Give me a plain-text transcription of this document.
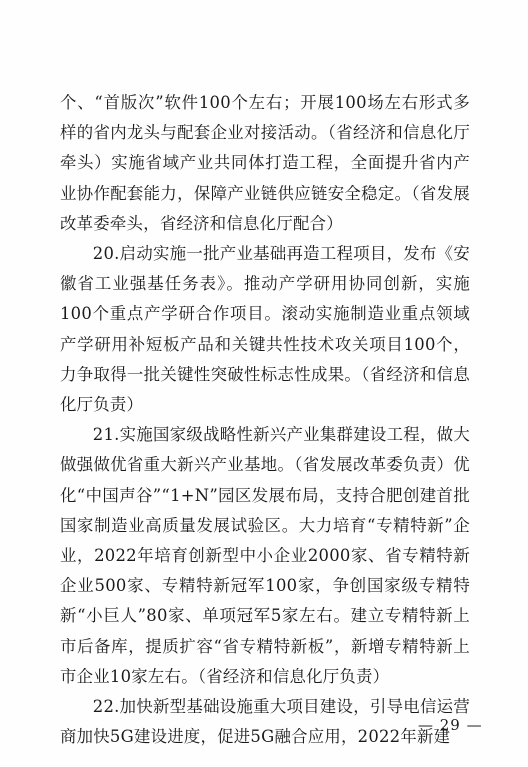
个、“首版次”软件100个左右；开展100场左右形式多样的省内龙头与配套企业对接活动。（省经济和信息化厅牵头）实施省域产业共同体打造工程，全面提升省内产业协作配套能力，保障产业链供应链安全稳定。（省发展改革委牵头，省经济和信息化厅配合）

20.启动实施一批产业基础再造工程项目，发布《安徽省工业强基任务表》。推动产学研用协同创新，实施100个重点产学研合作项目。滚动实施制造业重点领域产学研用补短板产品和关键共性技术攻关项目100个，力争取得一批关键性突破性标志性成果。（省经济和信息化厅负责）

21.实施国家级战略性新兴产业集群建设工程，做大做强做优省重大新兴产业基地。（省发展改革委负责）优化“中国声谷”“1+N”园区发展布局，支持合肥创建首批国家制造业高质量发展试验区。大力培育“专精特新”企业，2022年培育创新型中小企业2000家、省专精特新企业500家、专精特新冠军100家，争创国家级专精特新“小巨人”80家、单项冠军5家左右。建立专精特新上市后备库，提质扩容“省专精特新板”，新增专精特新上市企业10家左右。（省经济和信息化厅负责）

22.加快新型基础设施重大项目建设，引导电信运营商加快5G建设进度，促进5G融合应用，2022年新建

— 29 —
